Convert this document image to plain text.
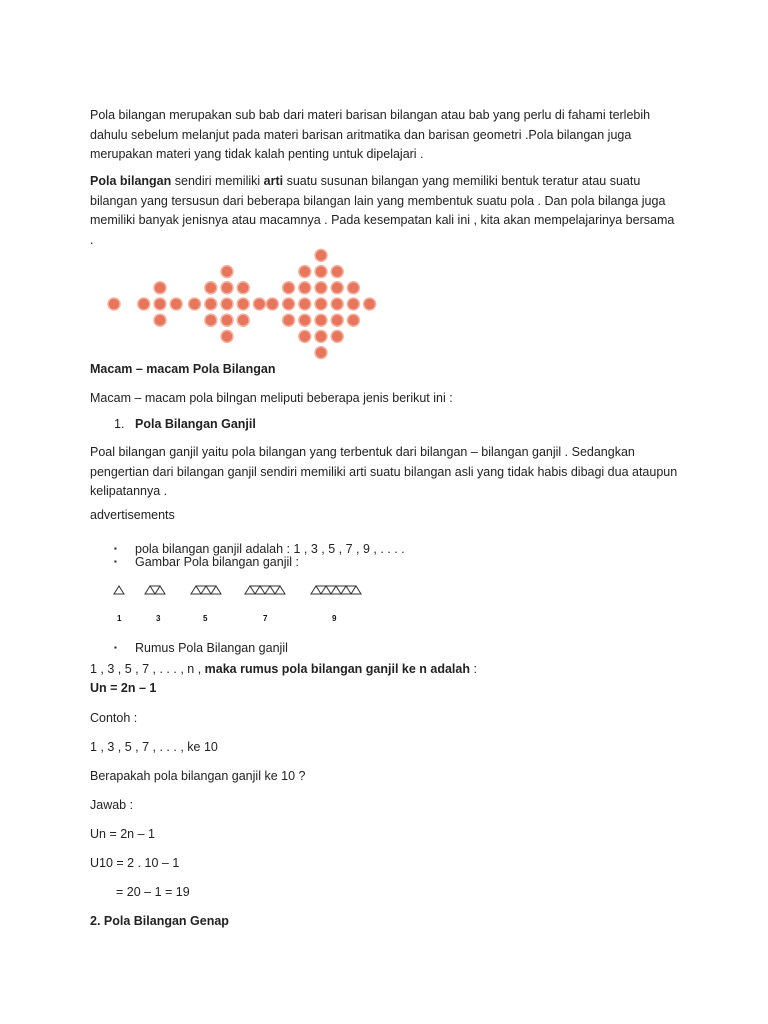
Pola bilangan merupakan sub bab dari materi barisan bilangan atau bab yang perlu di fahami terlebih
dahulu sebelum melanjut pada materi barisan aritmatika dan barisan geometri .Pola bilangan juga
merupakan materi yang tidak kalah penting untuk dipelajari .
Pola bilangan sendiri memiliki arti suatu susunan bilangan yang memiliki bentuk teratur atau suatu
bilangan yang tersusun dari beberapa bilangan lain yang membentuk suatu pola . Dan pola bilanga juga
memiliki banyak jenisnya atau macamnya . Pada kesempatan kali ini , kita akan mempelajarinya bersama
.
Macam – macam Pola Bilangan
Macam – macam pola bilngan meliputi beberapa jenis berikut ini :
1. Pola Bilangan Ganjil
Poal bilangan ganjil yaitu pola bilangan yang terbentuk dari bilangan – bilangan ganjil . Sedangkan
pengertian dari bilangan ganjil sendiri memiliki arti suatu bilangan asli yang tidak habis dibagi dua ataupun
kelipatannya .
advertisements
▪ pola bilangan ganjil adalah : 1 , 3 , 5 , 7 , 9 , . . . .
▪ Gambar Pola bilangan ganjil :
1	3	5	7	9
▪ Rumus Pola Bilangan ganjil
1 , 3 , 5 , 7 , . . . , n , maka rumus pola bilangan ganjil ke n adalah :
Un = 2n – 1
Contoh :
1 , 3 , 5 , 7 , . . . , ke 10
Berapakah pola bilangan ganjil ke 10 ?
Jawab :
Un = 2n – 1
U10 = 2 . 10 – 1
= 20 – 1 = 19
2. Pola Bilangan Genap
